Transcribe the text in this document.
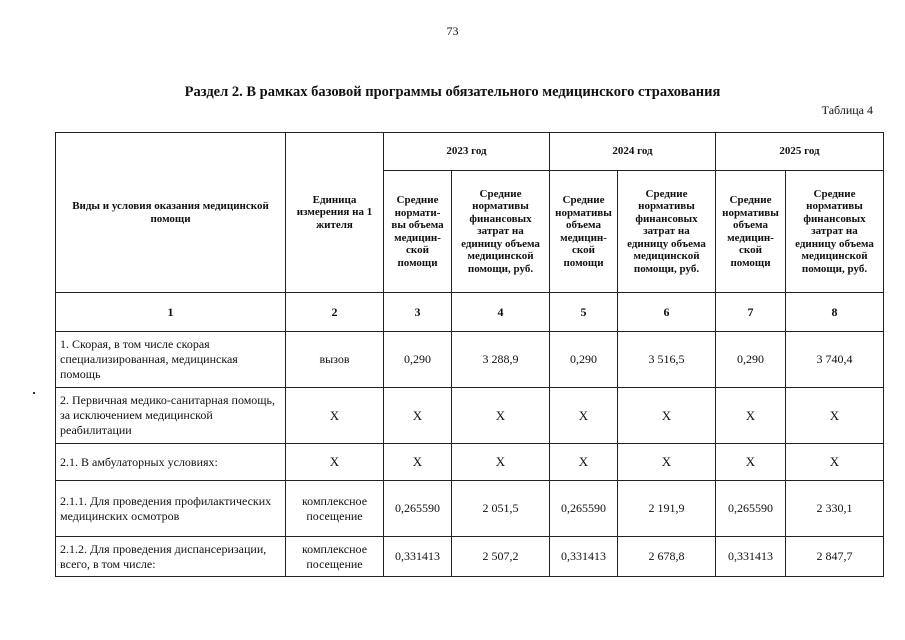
73
Раздел 2. В рамках базовой программы обязательного медицинского страхования
Таблица 4
Виды и условия оказания медицинской помощи	Единица измерения на 1 жителя	2023 год		2024 год		2025 год	
		Средние нормати-вы объема медицин-ской помощи	Средние нормативы финансовых затрат на единицу объема медицинской помощи, руб.	Средние нормативы объема медицин-ской помощи	Средние нормативы финансовых затрат на единицу объема медицинской помощи, руб.	Средние нормативы объема медицин-ской помощи	Средние нормативы финансовых затрат на единицу объема медицинской помощи, руб.
1	2	3	4	5	6	7	8
1. Скорая, в том числе скорая специализированная, медицинская помощь	вызов	0,290	3 288,9	0,290	3 516,5	0,290	3 740,4
2. Первичная медико-санитарная помощь, за исключением медицинской реабилитации	Х	Х	Х	Х	Х	Х	Х
2.1. В амбулаторных условиях:	Х	Х	Х	Х	Х	Х	Х
2.1.1. Для проведения профилактических медицинских осмотров	комплексное посещение	0,265590	2 051,5	0,265590	2 191,9	0,265590	2 330,1
2.1.2. Для проведения диспансеризации, всего, в том числе:	комплексное посещение	0,331413	2 507,2	0,331413	2 678,8	0,331413	2 847,7
